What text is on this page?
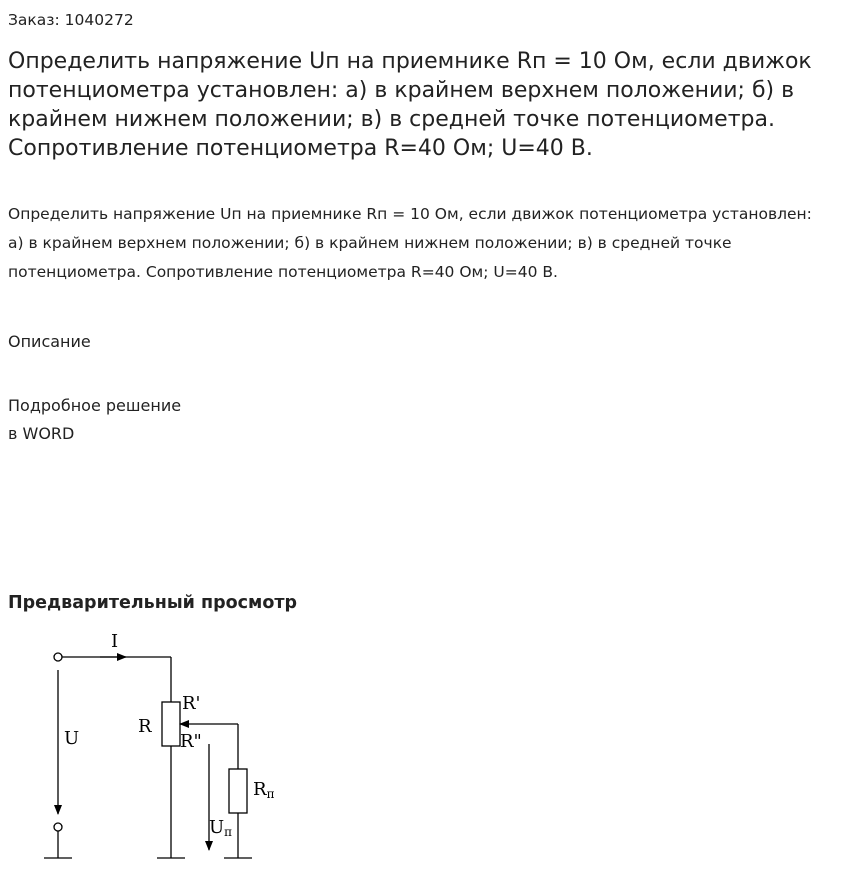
Заказ: 1040272
Определить напряжение Uп на приемнике Rп = 10 Ом, если движок потенциометра установлен: а) в крайнем верхнем положении; б) в крайнем нижнем положении; в) в средней точке потенциометра. Сопротивление потенциометра R=40 Ом; U=40 В.

Определить напряжение Uп на приемнике Rп = 10 Ом, если движок потенциометра установлен: а) в крайнем верхнем положении; б) в крайнем нижнем положении; в) в средней точке потенциометра. Сопротивление потенциометра R=40 Ом; U=40 В.

Описание
Подробное решение
в WORD
Предварительный просмотр
I
U
R
R'
R"
Rп
Uп
